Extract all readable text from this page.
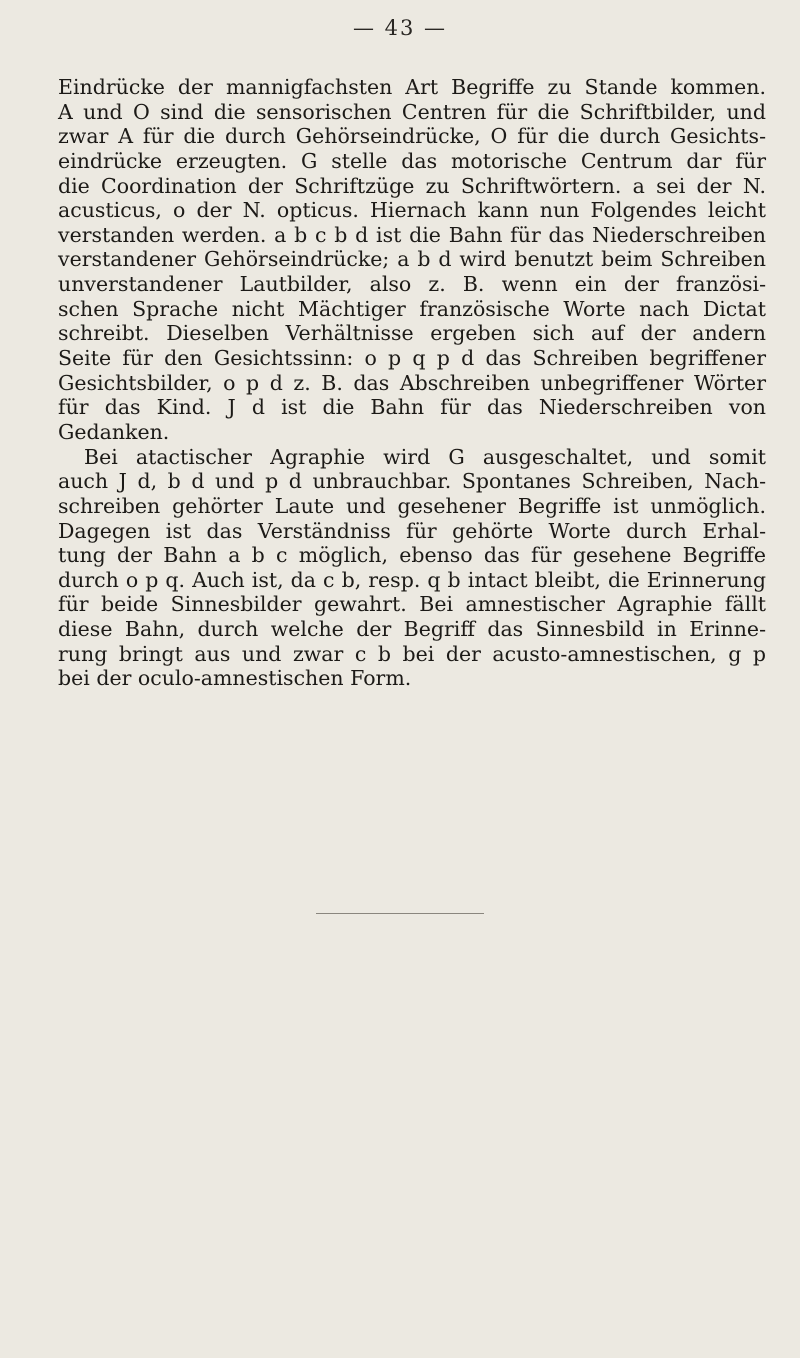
— 43 —
Eindrücke der mannigfachsten Art Begriffe zu Stande kommen.
A und O sind die sensorischen Centren für die Schriftbilder, und
zwar A für die durch Gehörseindrücke, O für die durch Gesichts-
eindrücke erzeugten. G stelle das motorische Centrum dar für
die Coordination der Schriftzüge zu Schriftwörtern. a sei der N.
acusticus, o der N. opticus. Hiernach kann nun Folgendes leicht
verstanden werden. a b c b d ist die Bahn für das Niederschreiben
verstandener Gehörseindrücke; a b d wird benutzt beim Schreiben
unverstandener Lautbilder, also z. B. wenn ein der französi-
schen Sprache nicht Mächtiger französische Worte nach Dictat
schreibt. Dieselben Verhältnisse ergeben sich auf der andern
Seite für den Gesichtssinn: o p q p d das Schreiben begriffener
Gesichtsbilder, o p d z. B. das Abschreiben unbegriffener Wörter
für das Kind. J d ist die Bahn für das Niederschreiben von
Gedanken.
Bei atactischer Agraphie wird G ausgeschaltet, und somit
auch J d, b d und p d unbrauchbar. Spontanes Schreiben, Nach-
schreiben gehörter Laute und gesehener Begriffe ist unmöglich.
Dagegen ist das Verständniss für gehörte Worte durch Erhal-
tung der Bahn a b c möglich, ebenso das für gesehene Begriffe
durch o p q. Auch ist, da c b, resp. q b intact bleibt, die Erinnerung
für beide Sinnesbilder gewahrt. Bei amnestischer Agraphie fällt
diese Bahn, durch welche der Begriff das Sinnesbild in Erinne-
rung bringt aus und zwar c b bei der acusto-amnestischen, g p
bei der oculo-amnestischen Form.
